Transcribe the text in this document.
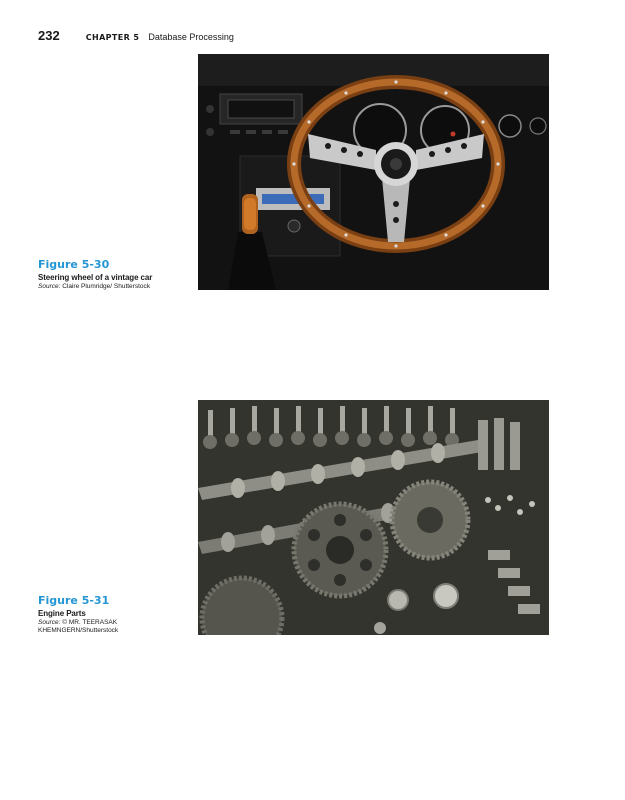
232	CHAPTER 5 Database Processing
Figure 5-30
Steering wheel of a vintage car
Source: Claire Plumridge/ Shutterstock
Figure 5-31
Engine Parts
Source: © MR. TEERASAK KHEMNGERN/Shutterstock
